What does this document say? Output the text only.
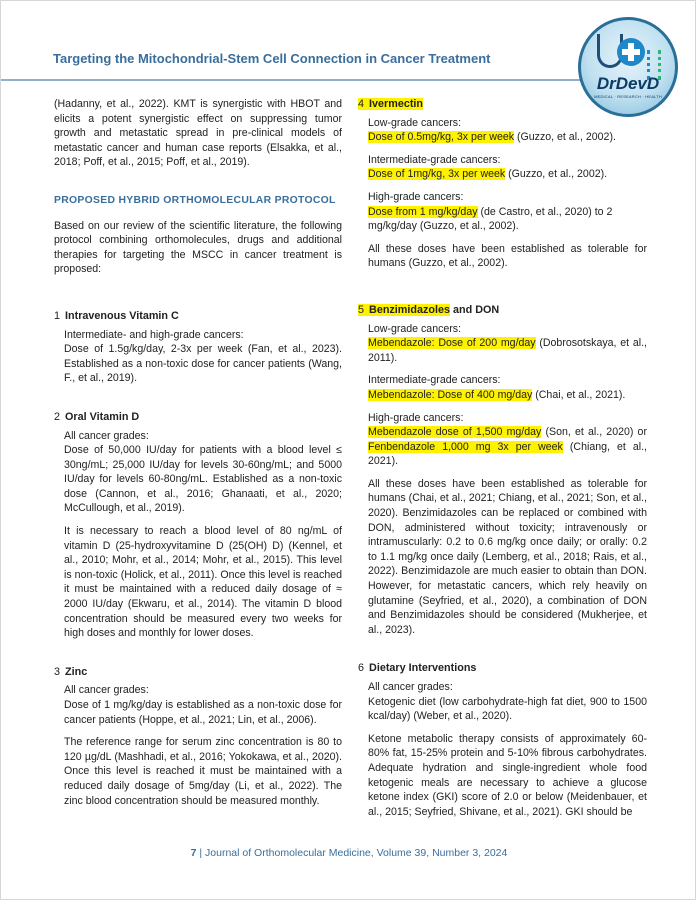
Targeting the Mitochondrial-Stem Cell Connection in Cancer Treatment
DrDevD
MEDICAL · RESEARCH · HEALTH

(Hadanny, et al., 2022). KMT is synergistic with HBOT and elicits a potent synergistic effect on suppressing tumor growth and metastatic spread in pre-clinical models of metastatic cancer and human case reports (Elsakka, et al., 2018; Poff, et al., 2015; Poff, et al., 2019).

PROPOSED HYBRID ORTHOMOLECULAR PROTOCOL

Based on our review of the scientific literature, the following protocol combining orthomolecules, drugs and additional therapies for targeting the MSCC in cancer treatment is proposed:

1 Intravenous Vitamin C
Intermediate- and high-grade cancers:

Dose of 1.5g/kg/day, 2-3x per week (Fan, et al., 2023). Established as a non-toxic dose for cancer patients (Wang, F., et al., 2019).

2 Oral Vitamin D
All cancer grades:

Dose of 50,000 IU/day for patients with a blood level ≤ 30ng/mL; 25,000 IU/day for levels 30-60ng/mL; and 5000 IU/day for levels 60-80ng/mL. Established as a non-toxic dose (Cannon, et al., 2016; Ghanaati, et al., 2020; McCullough, et al., 2019).

It is necessary to reach a blood level of 80 ng/mL of vitamin D (25-hydroxyvitamine D (25(OH) D) (Kennel, et al., 2010; Mohr, et al., 2014; Mohr, et al., 2015). This level is non-toxic (Holick, et al., 2011). Once this level is reached it must be maintained with a reduced daily dosage of ≈ 2000 IU/day (Ekwaru, et al., 2014). The vitamin D blood concentration should be measured every two weeks for high doses and monthly for lower doses.

3 Zinc
All cancer grades:

Dose of 1 mg/kg/day is established as a non-toxic dose for cancer patients (Hoppe, et al., 2021; Lin, et al., 2006).

The reference range for serum zinc concentration is 80 to 120 µg/dL (Mashhadi, et al., 2016; Yokokawa, et al., 2020). Once this level is reached it must be maintained with a reduced daily dosage of 5mg/day (Li, et al., 2022). The zinc blood concentration should be measured monthly.

4 Ivermectin
Low-grade cancers:

Dose of 0.5mg/kg, 3x per week (Guzzo, et al., 2002).

Intermediate-grade cancers:

Dose of 1mg/kg, 3x per week (Guzzo, et al., 2002).

High-grade cancers:

Dose from 1 mg/kg/day (de Castro, et al., 2020) to 2 mg/kg/day (Guzzo, et al., 2002).

All these doses have been established as tolerable for humans (Guzzo, et al., 2002).

5 Benzimidazoles and DON
Low-grade cancers:

Mebendazole: Dose of 200 mg/day (Dobrosotskaya, et al., 2011).

Intermediate-grade cancers:

Mebendazole: Dose of 400 mg/day (Chai, et al., 2021).

High-grade cancers:

Mebendazole dose of 1,500 mg/day (Son, et al., 2020) or Fenbendazole 1,000 mg 3x per week (Chiang, et al., 2021).

All these doses have been established as tolerable for humans (Chai, et al., 2021; Chiang, et al., 2021; Son, et al., 2020). Benzimidazoles can be replaced or combined with DON, administered without toxicity; intravenously or intramuscularly: 0.2 to 0.6 mg/kg once daily; or orally: 0.2 to 1.1 mg/kg once daily (Lemberg, et al., 2018; Rais, et al., 2022). Benzimidazole are much easier to obtain than DON. However, for metastatic cancers, which rely heavily on glutamine (Seyfried, et al., 2020), a combination of DON and Benzimidazoles should be considered (Mukherjee, et al., 2023).

6 Dietary Interventions
All cancer grades:

Ketogenic diet (low carbohydrate-high fat diet, 900 to 1500 kcal/day) (Weber, et al., 2020).

Ketone metabolic therapy consists of approximately 60-80% fat, 15-25% protein and 5-10% fibrous carbohydrates. Adequate hydration and single-ingredient whole food ketogenic meals are necessary to achieve a glucose ketone index (GKI) score of 2.0 or below (Meidenbauer, et al., 2015; Seyfried, Shivane, et al., 2021). GKI should be

7 | Journal of Orthomolecular Medicine, Volume 39, Number 3, 2024
